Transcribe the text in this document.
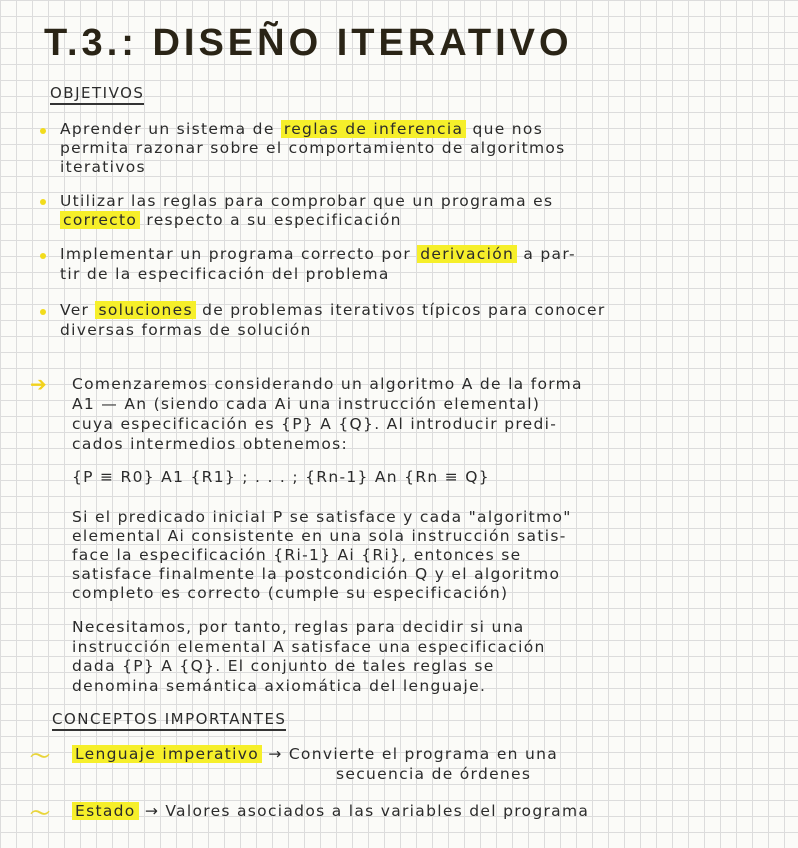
T.3.: DISEÑO ITERATIVO
OBJETIVOS
Aprender un sistema de reglas de inferencia que nos
permita razonar sobre el comportamiento de algoritmos
iterativos
Utilizar las reglas para comprobar que un programa es
correcto respecto a su especificación
Implementar un programa correcto por derivación a par-
tir de la especificación del problema
Ver soluciones de problemas iterativos típicos para conocer
diversas formas de solución
➔ Comenzaremos considerando un algoritmo A de la forma
A1 — An (siendo cada Ai una instrucción elemental)
cuya especificación es {P} A {Q}. Al introducir predi-
cados intermedios obtenemos:
{P ≡ R0} A1 {R1} ; . . . ; {Rn-1} An {Rn ≡ Q}
Si el predicado inicial P se satisface y cada "algoritmo"
elemental Ai consistente en una sola instrucción satis-
face la especificación {Ri-1} Ai {Ri}, entonces se
satisface finalmente la postcondición Q y el algoritmo
completo es correcto (cumple su especificación)
Necesitamos, por tanto, reglas para decidir si una
instrucción elemental A satisface una especificación
dada {P} A {Q}. El conjunto de tales reglas se
denomina semántica axiomática del lenguaje.
CONCEPTOS IMPORTANTES
〜 Lenguaje imperativo → Convierte el programa en una
secuencia de órdenes
〜 Estado → Valores asociados a las variables del programa
